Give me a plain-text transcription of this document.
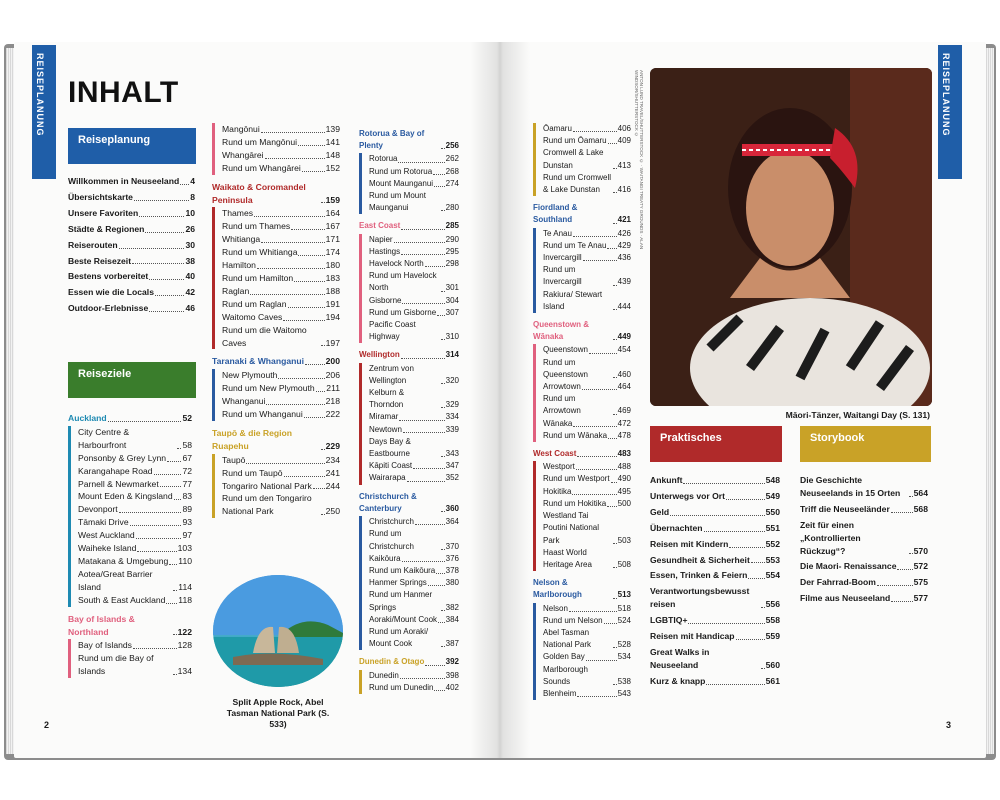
REISEPLANUNG INHALT
Reiseplanung
Willkommen in Neuseeland 4
Übersichtskarte	8
Unsere Favoriten	10
Städte & Regionen	26
Reiserouten	30
Beste Reisezeit	38
Bestens vorbereitet	40
Essen wie die Locals	42
Outdoor-Erlebnisse	46
Reiseziele
Auckland	52
City Centre & Harbourfront	58
Ponsonby & Grey Lynn 67
Karangahape Road	72
Parnell & Newmarket	77
Mount Eden & Kingsland 83
Devonport	89
Tāmaki Drive	93
West Auckland	97
Waiheke Island	103
Matakana & Umgebung 110
Aotea/Great Barrier Island	114
South & East Auckland 118
Bay of Islands & Northland	122
Bay of Islands	128
Rund um die Bay of Islands	134
Mangōnui	139
Rund um Mangōnui	141
Whangārei	148
Rund um Whangārei	152
Waikato & Coromandel Peninsula	159
Thames	164
Rund um Thames	167
Whitianga	171
Rund um Whitianga	174
Hamilton	180
Rund um Hamilton	183
Raglan	188
Rund um Raglan	191
Waitomo Caves	194
Rund um die Waitomo Caves	197
Taranaki & Whanganui	200
New Plymouth	206
Rund um New Plymouth 211
Whanganui	218
Rund um Whanganui	222
Taupō & die Region Ruapehu	229
Taupō	234
Rund um Taupō	241
Tongariro National Park 244
Rund um den Tongariro National Park	250
Rotorua & Bay of Plenty	256
Rotorua	262
Rund um Rotorua 268
Mount Maunganui 274
Rund um Mount Maunganui	280
East Coast	285
Napier	290
Hastings	295
Havelock North	298
Rund um Havelock North	301
Gisborne	304
Rund um Gisborne 307
Pacific Coast Highway	310
Wellington	314
Zentrum von Wellington	320
Kelburn & Thorndon	329
Miramar	334
Newtown	339
Days Bay & Eastbourne	343
Kāpiti Coast	347
Wairarapa	352
Christchurch & Canterbury	360
Christchurch	364
Rund um Christchurch	370
Kaikōura	376
Rund um Kaikōura 378
Hanmer Springs 380
Rund um Hanmer Springs	382
Aoraki/Mount Cook 384
Rund um Aoraki/ Mount Cook	387
Dunedin & Otago	392
Dunedin	398
Rund um Dunedin 402
Split Apple Rock, Abel Tasman National Park (S. 533)
2
REISEPLANUNG
Ōamaru	406
Rund um Ōamaru 409
Cromwell & Lake Dunstan	413
Rund um Cromwell & Lake Dunstan	416
Fiordland & Southland	421
Te Anau	426
Rund um Te Anau 429
Invercargill	436
Rund um Invercargill	439
Rakiura/ Stewart Island	444
Queenstown & Wānaka	449
Queenstown	454
Rund um Queenstown	460
Arrowtown	464
Rund um Arrowtown	469
Wānaka	472
Rund um Wānaka 478
West Coast	483
Westport	488
Rund um Westport 490
Hokitika	495
Rund um Hokitika 500
Westland Tai Poutini National Park	503
Haast World Heritage Area	508
Nelson & Marlborough	513
Nelson	518
Rund um Nelson 524
Abel Tasman National Park	528
Golden Bay	534
Marlborough Sounds	538
Blenheim	543
ANTON LUND TRAVEL/SHUTTERSTOCK © · WAITANGI TREATY GROUNDS · ALAN WINDSOR/SHUTTERSTOCK ©
Māori-Tänzer, Waitangi Day (S. 131)
Praktisches	Storybook
Ankunft	548
Unterwegs vor Ort	549
Geld	550
Übernachten	551
Reisen mit Kindern	552
Gesundheit & Sicherheit 553
Essen, Trinken & Feiern 554
Verantwortungsbewusst reisen	556
LGBTIQ+	558
Reisen mit Handicap	559
Great Walks in Neuseeland	560
Kurz & knapp	561
Die Geschichte Neuseelands in 15 Orten	564
Triff die Neuseeländer	568
Zeit für einen „Kontrollierten Rückzug“?	570
Die Maori- Renaissance 572
Der Fahrrad-Boom	575
Filme aus Neuseeland	577
3
